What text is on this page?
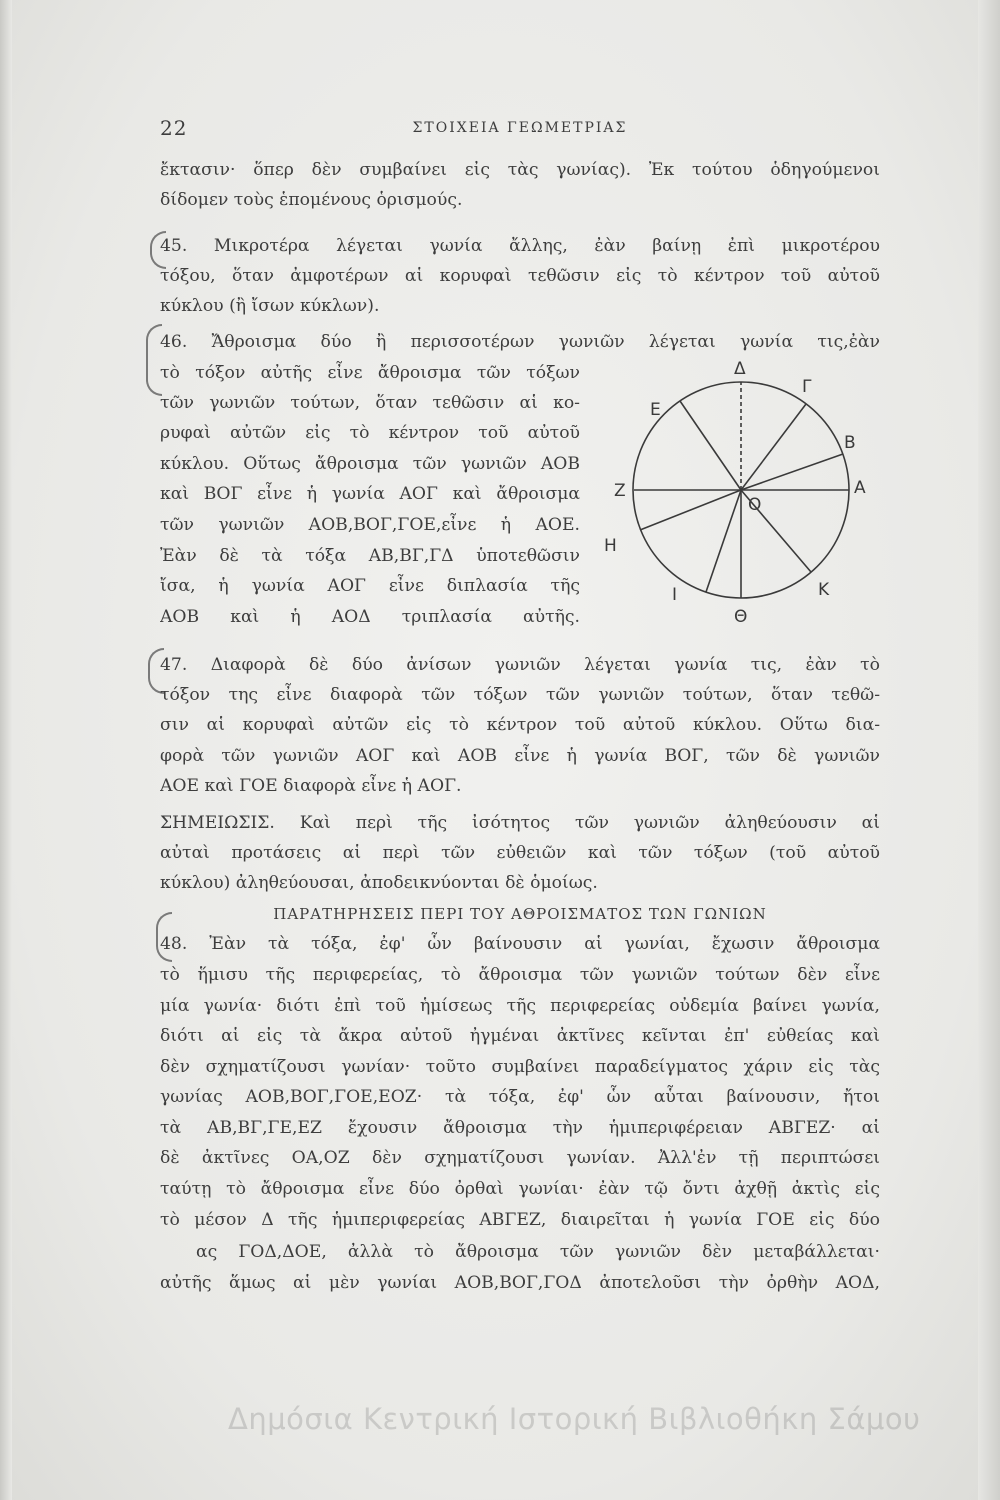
22	ΣΤΟΙΧΕΙΑ ΓΕΩΜΕΤΡΙΑΣ
ἔκτασιν· ὅπερ δὲν συμβαίνει εἰς τὰς γωνίας). Ἐκ τούτου ὁδηγούμενοι
δίδομεν τοὺς ἑπομένους ὁρισμούς.
45. Μικροτέρα λέγεται γωνία ἄλλης, ἐὰν βαίνῃ ἐπὶ μικροτέρου
τόξου, ὅταν ἀμφοτέρων αἱ κορυφαὶ τεθῶσιν εἰς τὸ κέντρον τοῦ αὐτοῦ
κύκλου (ἢ ἴσων κύκλων).
46. Ἄθροισμα δύο ἢ περισσοτέρων γωνιῶν λέγεται γωνία τις,ἐὰν
τὸ τόξον αὐτῆς εἶνε ἄθροισμα τῶν τόξων
τῶν γωνιῶν τούτων, ὅταν τεθῶσιν αἱ κο-
ρυφαὶ αὐτῶν εἰς τὸ κέντρον τοῦ αὐτοῦ
κύκλου. Οὕτως ἄθροισμα τῶν γωνιῶν ΑΟΒ
καὶ ΒΟΓ εἶνε ἡ γωνία ΑΟΓ καὶ ἄθροισμα
τῶν γωνιῶν ΑΟΒ,ΒΟΓ,ΓΟΕ,εἶνε ἡ ΑΟΕ.
Ἐὰν δὲ τὰ τόξα ΑΒ,ΒΓ,ΓΔ ὑποτεθῶσιν
ἴσα, ἡ γωνία ΑΟΓ εἶνε διπλασία τῆς
ΑΟΒ καὶ ἡ ΑΟΔ τριπλασία αὐτῆς.
47. Διαφορὰ δὲ δύο ἀνίσων γωνιῶν λέγεται γωνία τις, ἐὰν τὸ
τόξον της εἶνε διαφορὰ τῶν τόξων τῶν γωνιῶν τούτων, ὅταν τεθῶ-
σιν αἱ κορυφαὶ αὐτῶν εἰς τὸ κέντρον τοῦ αὐτοῦ κύκλου. Οὕτω δια-
φορὰ τῶν γωνιῶν ΑΟΓ καὶ ΑΟΒ εἶνε ἡ γωνία ΒΟΓ, τῶν δὲ γωνιῶν
ΑΟΕ καὶ ΓΟΕ διαφορὰ εἶνε ἡ ΑΟΓ.
ΣΗΜΕΙΩΣΙΣ. Καὶ περὶ τῆς ἰσότητος τῶν γωνιῶν ἀληθεύουσιν αἱ
αὐταὶ προτάσεις αἱ περὶ τῶν εὐθειῶν καὶ τῶν τόξων (τοῦ αὐτοῦ
κύκλου) ἀληθεύουσαι, ἀποδεικνύονται δὲ ὁμοίως.
ΠΑΡΑΤΗΡΗΣΕΙΣ ΠΕΡΙ ΤΟΥ ΑΘΡΟΙΣΜΑΤΟΣ ΤΩΝ ΓΩΝΙΩΝ
48. Ἐὰν τὰ τόξα, ἐφ' ὧν βαίνουσιν αἱ γωνίαι, ἔχωσιν ἄθροισμα
τὸ ἥμισυ τῆς περιφερείας, τὸ ἄθροισμα τῶν γωνιῶν τούτων δὲν εἶνε
μία γωνία· διότι ἐπὶ τοῦ ἡμίσεως τῆς περιφερείας οὐδεμία βαίνει γωνία,
διότι αἱ εἰς τὰ ἄκρα αὐτοῦ ἠγμέναι ἀκτῖνες κεῖνται ἐπ' εὐθείας καὶ
δὲν σχηματίζουσι γωνίαν· τοῦτο συμβαίνει παραδείγματος χάριν εἰς τὰς
γωνίας ΑΟΒ,ΒΟΓ,ΓΟΕ,ΕΟΖ· τὰ τόξα, ἐφ' ὧν αὗται βαίνουσιν, ἤτοι
τὰ ΑΒ,ΒΓ,ΓΕ,ΕΖ ἔχουσιν ἄθροισμα τὴν ἡμιπεριφέρειαν ΑΒΓΕΖ· αἱ
δὲ ἀκτῖνες ΟΑ,ΟΖ δὲν σχηματίζουσι γωνίαν. Ἀλλ'ἐν τῇ περιπτώσει
ταύτῃ τὸ ἄθροισμα εἶνε δύο ὀρθαὶ γωνίαι· ἐὰν τῷ ὄντι ἀχθῇ ἀκτὶς εἰς
τὸ μέσον Δ τῆς ἡμιπεριφερείας ΑΒΓΕΖ, διαιρεῖται ἡ γωνία ΓΟΕ εἰς δύο
ας ΓΟΔ,ΔΟΕ, ἀλλὰ τὸ ἄθροισμα τῶν γωνιῶν δὲν μεταβάλλεται·
αὐτῆς ἅμως αἱ μὲν γωνίαι ΑΟΒ,ΒΟΓ,ΓΟΔ ἀποτελοῦσι τὴν ὀρθὴν ΑΟΔ,
A
B
Γ
Δ
E
Z
H
I
Θ
K
O
Δημόσια Κεντρική Ιστορική Βιβλιοθήκη Σάμου
